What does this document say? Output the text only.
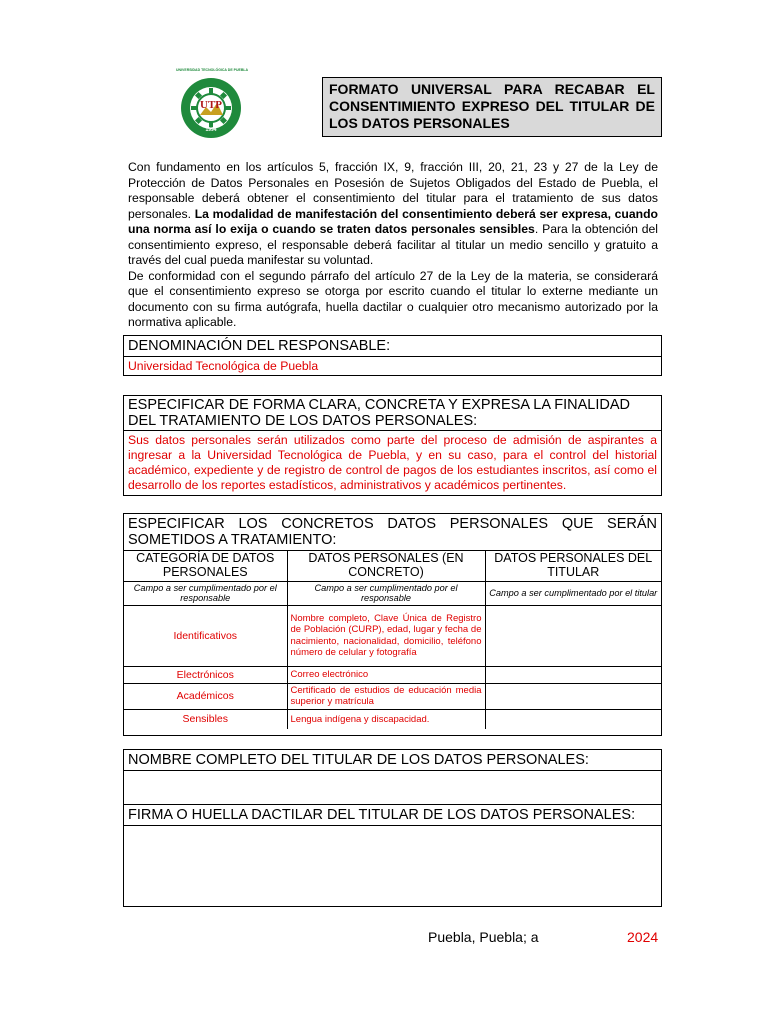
UTP
UNIVERSIDAD TECNOLÓGICA DE PUEBLA
1994
FORMATO UNIVERSAL PARA RECABAR EL CONSENTIMIENTO EXPRESO DEL TITULAR DE LOS DATOS PERSONALES

Con fundamento en los artículos 5, fracción IX, 9, fracción III, 20, 21, 23 y 27 de la Ley de Protección de Datos Personales en Posesión de Sujetos Obligados del Estado de Puebla, el responsable deberá obtener el consentimiento del titular para el tratamiento de sus datos personales. La modalidad de manifestación del consentimiento deberá ser expresa, cuando una norma así lo exija o cuando se traten datos personales sensibles. Para la obtención del consentimiento expreso, el responsable deberá facilitar al titular un medio sencillo y gratuito a través del cual pueda manifestar su voluntad.

De conformidad con el segundo párrafo del artículo 27 de la Ley de la materia, se considerará que el consentimiento expreso se otorga por escrito cuando el titular lo externe mediante un documento con su firma autógrafa, huella dactilar o cualquier otro mecanismo autorizado por la normativa aplicable.

DENOMINACIÓN DEL RESPONSABLE:
Universidad Tecnológica de Puebla
ESPECIFICAR DE FORMA CLARA, CONCRETA Y EXPRESA LA FINALIDAD DEL TRATAMIENTO DE LOS DATOS PERSONALES:
Sus datos personales serán utilizados como parte del proceso de admisión de aspirantes a ingresar a la Universidad Tecnológica de Puebla, y en su caso, para el control del historial académico, expediente y de registro de control de pagos de los estudiantes inscritos, así como el desarrollo de los reportes estadísticos, administrativos y académicos pertinentes.
ESPECIFICAR LOS CONCRETOS DATOS PERSONALES QUE SERÁN
SOMETIDOS A TRATAMIENTO:
CATEGORÍA DE DATOS PERSONALES	DATOS PERSONALES (EN CONCRETO)	DATOS PERSONALES DEL TITULAR
Campo a ser cumplimentado por el responsable	Campo a ser cumplimentado por el responsable	Campo a ser cumplimentado por el titular
Identificativos	Nombre completo, Clave Única de Registro de Población (CURP), edad, lugar y fecha de nacimiento, nacionalidad, domicilio, teléfono número de celular y fotografía	
Electrónicos	Correo electrónico	
Académicos	Certificado de estudios de educación media superior y matrícula	
Sensibles	Lengua indígena y discapacidad.	
NOMBRE COMPLETO DEL TITULAR DE LOS DATOS PERSONALES:
FIRMA O HUELLA DACTILAR DEL TITULAR DE LOS DATOS PERSONALES:
Puebla, Puebla; a	2024
